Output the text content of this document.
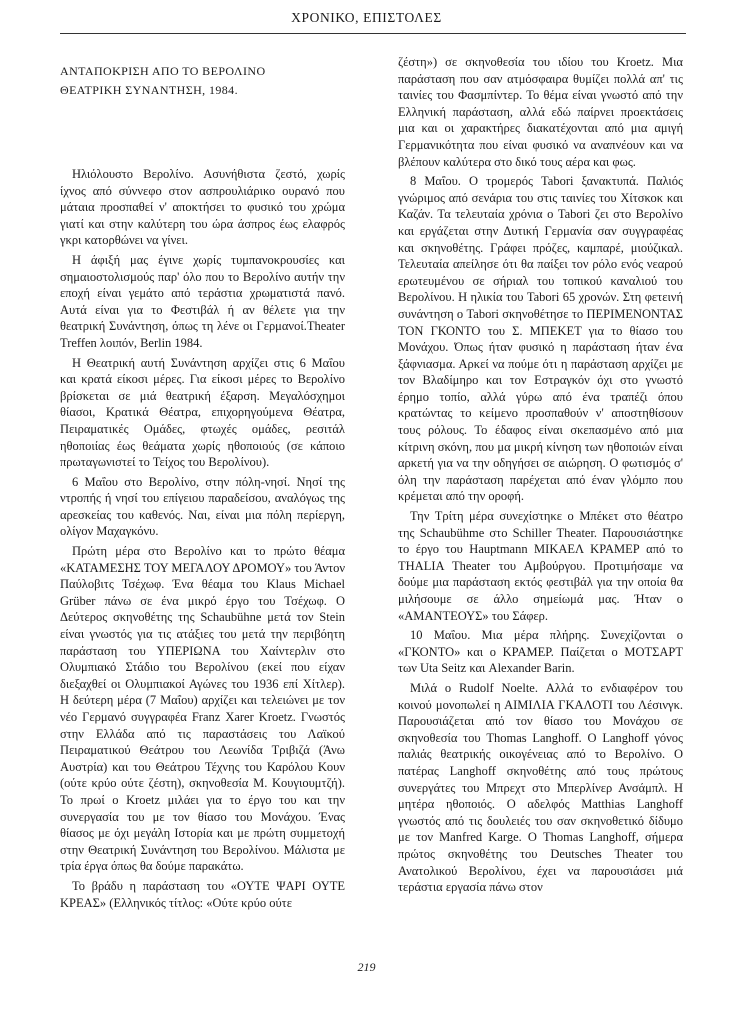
ΧΡΟΝΙΚΟ, ΕΠΙΣΤΟΛΕΣ
ΑΝΤΑΠΟΚΡΙΣΗ ΑΠΟ ΤΟ ΒΕΡΟΛΙΝΟ
ΘΕΑΤΡΙΚΗ ΣΥΝΑΝΤΗΣΗ, 1984.

Ηλιόλουστο Βερολίνο. Ασυνήθιστα ζεστό, χωρίς ίχνος από σύννεφο στον ασπρουλιάρικο ουρανό που μάταια προσπαθεί ν' αποκτήσει το φυσικό του χρώμα γιατί και στην καλύτερη του ώρα άσπρος έως ελαφρός γκρι κατορθώνει να γίνει.

Η άφιξή μας έγινε χωρίς τυμπανοκρουσίες και σημαιοστολισμούς παρ' όλο που το Βερολίνο αυτήν την εποχή είναι γεμάτο από τεράστια χρωματιστά πανό. Αυτά είναι για το Φεστιβάλ ή αν θέλετε για την θεατρική Συνάντηση, όπως τη λένε οι Γερμανοί.Theater Treffen λοιπόν, Berlin 1984.

Η Θεατρική αυτή Συνάντηση αρχίζει στις 6 Μαΐου και κρατά είκοσι μέρες. Για είκοσι μέρες το Βερολίνο βρίσκεται σε μιά θεατρική έξαρση. Μεγαλόσχημοι θίασοι, Κρατικά Θέατρα, επιχορηγούμενα Θέατρα, Πειραματικές Ομάδες, φτωχές ομάδες, ρεσιτάλ ηθοποιίας έως θεάματα χωρίς ηθοποιούς (σε κάποιο πρωταγωνιστεί το Τείχος του Βερολίνου).

6 Μαΐου στο Βερολίνο, στην πόλη-νησί. Νησί της ντροπής ή νησί του επίγειου παραδείσου, αναλόγως της αρεσκείας του καθενός. Ναι, είναι μια πόλη περίεργη, ολίγον Μαχαγκόνυ.

Πρώτη μέρα στο Βερολίνο και το πρώτο θέαμα «ΚΑΤΑΜΕΣΗΣ ΤΟΥ ΜΕΓΑΛΟΥ ΔΡΟΜΟΥ» του Άντον Παύλοβιτς Τσέχωφ. Ένα θέαμα του Klaus Michael Grüber πάνω σε ένα μικρό έργο του Τσέχωφ. Ο Δεύτερος σκηνοθέτης της Schaubühne μετά τον Stein είναι γνωστός για τις ατάξιες του μετά την περιβόητη παράσταση του ΥΠΕΡΙΩΝΑ του Χαίντερλιν στο Ολυμπιακό Στάδιο του Βερολίνου (εκεί που είχαν διεξαχθεί οι Ολυμπιακοί Αγώνες του 1936 επί Χίτλερ). Η δεύτερη μέρα (7 Μαΐου) αρχίζει και τελειώνει με τον νέο Γερμανό συγγραφέα Franz Xarer Kroetz. Γνωστός στην Ελλάδα από τις παραστάσεις του Λαϊκού Πειραματικού Θεάτρου του Λεωνίδα Τριβιζά (Άνω Αυστρία) και του Θεάτρου Τέχνης του Καρόλου Κουν (ούτε κρύο ούτε ζέστη), σκηνοθεσία Μ. Κουγιουμτζή). Το πρωί ο Kroetz μιλάει για το έργο του και την συνεργασία του με τον θίασο του Μονάχου. Ένας θίασος με όχι μεγάλη Ιστορία και με πρώτη συμμετοχή στην Θεατρική Συνάντηση του Βερολίνου. Μάλιστα με τρία έργα όπως θα δούμε παρακάτω.

Το βράδυ η παράσταση του «ΟΥΤΕ ΨΑΡΙ ΟΥΤΕ ΚΡΕΑΣ» (Ελληνικός τίτλος: «Ούτε κρύο ούτε

ζέστη») σε σκηνοθεσία του ιδίου του Kroetz. Μια παράσταση που σαν ατμόσφαιρα θυμίζει πολλά απ' τις ταινίες του Φασμπίντερ. Το θέμα είναι γνωστό από την Ελληνική παράσταση, αλλά εδώ παίρνει προεκτάσεις μια και οι χαρακτήρες διακατέχονται από μια αμιγή Γερμανικότητα που είναι φυσικό να αναπνέουν και να βλέπουν καλύτερα στο δικό τους αέρα και φως.

8 Μαΐου. Ο τρομερός Tabori ξανακτυπά. Παλιός γνώριμος από σενάρια του στις ταινίες του Χίτσκοκ και Καζάν. Τα τελευταία χρόνια ο Tabori ζει στο Βερολίνο και εργάζεται στην Δυτική Γερμανία σαν συγγραφέας και σκηνοθέτης. Γράφει πρόζες, καμπαρέ, μιούζικαλ. Τελευταία απείλησε ότι θα παίξει τον ρόλο ενός νεαρού ερωτευμένου σε σήριαλ του τοπικού καναλιού του Βερολίνου. Η ηλικία του Tabori 65 χρονών. Στη φετεινή συνάντηση ο Tabori σκηνοθέτησε το ΠΕΡΙΜΕΝΟΝΤΑΣ ΤΟΝ ΓΚΟΝΤΟ του Σ. ΜΠΕΚΕΤ για το θίασο του Μονάχου. Όπως ήταν φυσικό η παράσταση ήταν ένα ξάφνιασμα. Αρκεί να πούμε ότι η παράσταση αρχίζει με τον Βλαδίμηρο και τον Εστραγκόν όχι στο γνωστό έρημο τοπίο, αλλά γύρω από ένα τραπέζι όπου κρατώντας το κείμενο προσπαθούν ν' αποστηθίσουν τους ρόλους. Το έδαφος είναι σκεπασμένο από μια κίτρινη σκόνη, που μα μικρή κίνηση των ηθοποιών είναι αρκετή για να την οδηγήσει σε αιώρηση. Ο φωτισμός σ' όλη την παράσταση παρέχεται από έναν γλόμπο που κρέμεται από την οροφή.

Την Τρίτη μέρα συνεχίστηκε ο Μπέκετ στο θέατρο της Schaubühme στο Schiller Theater. Παρουσιάστηκε το έργο του Hauptmann ΜΙΚΑΕΛ ΚΡΑΜΕΡ από το THALIA Theater του Αμβούργου. Προτιμήσαμε να δούμε μια παράσταση εκτός φεστιβάλ για την οποία θα μιλήσουμε σε άλλο σημείωμά μας. Ήταν ο «ΑΜΑΝΤΕΟΥΣ» του Σάφερ.

10 Μαΐου. Μια μέρα πλήρης. Συνεχίζονται ο «ΓΚΟΝΤΟ» και ο ΚΡΑΜΕΡ. Παίζεται ο ΜΟΤΣΑΡΤ των Uta Seitz και Alexander Barin.

Μιλά ο Rudolf Noelte. Αλλά το ενδιαφέρον του κοινού μονοπωλεί η ΑΙΜΙΛΙΑ ΓΚΑΛΟΤΙ του Λέσινγκ. Παρουσιάζεται από τον θίασο του Μονάχου σε σκηνοθεσία του Thomas Langhoff. Ο Langhoff γόνος παλιάς θεατρικής οικογένειας από το Βερολίνο. Ο πατέρας Langhoff σκηνοθέτης από τους πρώτους συνεργάτες του Μπρεχτ στο Μπερλίνερ Ανσάμπλ. Η μητέρα ηθοποιός. Ο αδελφός Matthias Langhoff γνωστός από τις δουλειές του σαν σκηνοθετικό δίδυμο με τον Manfred Karge. Ο Thomas Langhoff, σήμερα πρώτος σκηνοθέτης του Deutsches Theater του Ανατολικού Βερολίνου, έχει να παρουσιάσει μιά τεράστια εργασία πάνω στον

219
